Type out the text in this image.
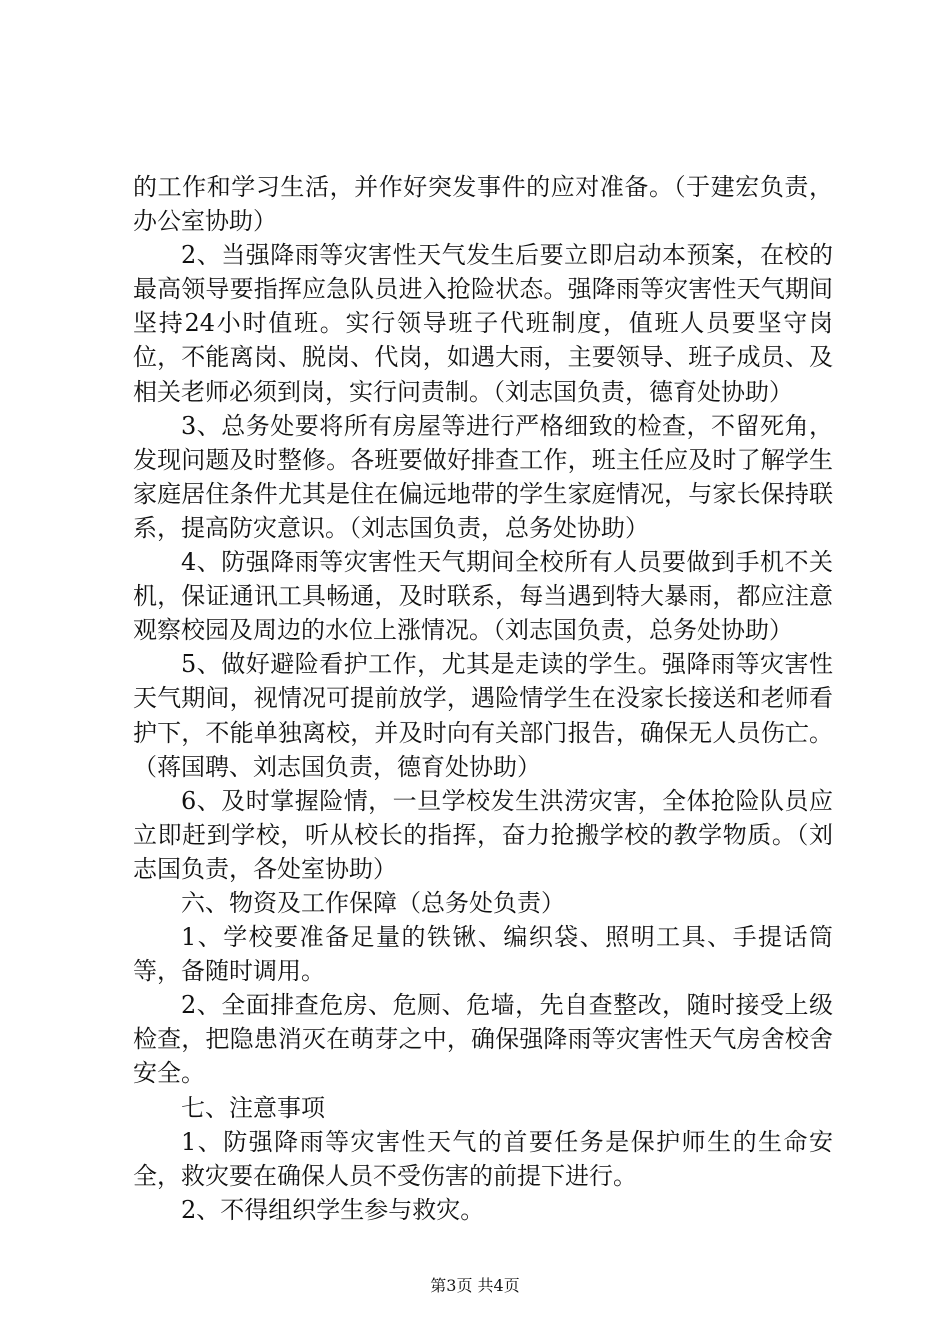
的工作和学习生活，并作好突发事件的应对准备。（于建宏负责，办公室协助）

2、当强降雨等灾害性天气发生后要立即启动本预案，在校的最高领导要指挥应急队员进入抢险状态。强降雨等灾害性天气期间坚持24小时值班。实行领导班子代班制度，值班人员要坚守岗位，不能离岗、脱岗、代岗，如遇大雨，主要领导、班子成员、及相关老师必须到岗，实行问责制。（刘志国负责，德育处协助）

3、总务处要将所有房屋等进行严格细致的检查，不留死角，发现问题及时整修。各班要做好排查工作，班主任应及时了解学生家庭居住条件尤其是住在偏远地带的学生家庭情况，与家长保持联系，提高防灾意识。（刘志国负责，总务处协助）

4、防强降雨等灾害性天气期间全校所有人员要做到手机不关机，保证通讯工具畅通，及时联系，每当遇到特大暴雨，都应注意观察校园及周边的水位上涨情况。（刘志国负责，总务处协助）

5、做好避险看护工作，尤其是走读的学生。强降雨等灾害性天气期间，视情况可提前放学，遇险情学生在没家长接送和老师看护下，不能单独离校，并及时向有关部门报告，确保无人员伤亡。（蒋国聘、刘志国负责，德育处协助）

6、及时掌握险情，一旦学校发生洪涝灾害，全体抢险队员应立即赶到学校，听从校长的指挥，奋力抢搬学校的教学物质。（刘志国负责，各处室协助）

六、物资及工作保障（总务处负责）

1、学校要准备足量的铁锹、编织袋、照明工具、手提话筒等，备随时调用。

2、全面排查危房、危厕、危墙，先自查整改，随时接受上级检查，把隐患消灭在萌芽之中，确保强降雨等灾害性天气房舍校舍安全。

七、注意事项

1、防强降雨等灾害性天气的首要任务是保护师生的生命安全，救灾要在确保人员不受伤害的前提下进行。

2、不得组织学生参与救灾。

第3页 共4页
